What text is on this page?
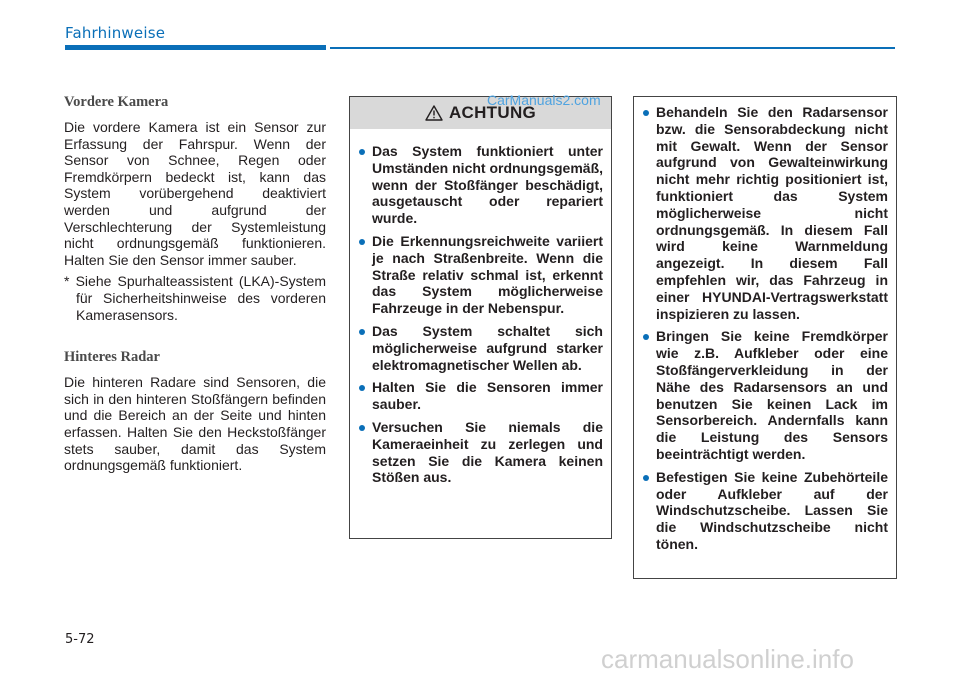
Fahrhinweise
Vordere Kamera

Die vordere Kamera ist ein Sensor zur Erfassung der Fahrspur. Wenn der Sensor von Schnee, Regen oder Fremdkörpern bedeckt ist, kann das System vorübergehend deaktiviert werden und aufgrund der Verschlechterung der Systemleistung nicht ordnungsgemäß funktionieren. Halten Sie den Sensor immer sauber.

* Siehe Spurhalteassistent (LKA)-System für Sicherheitshinweise des vorderen Kamerasensors.

Hinteres Radar

Die hinteren Radare sind Sensoren, die sich in den hinteren Stoßfängern befinden und die Bereich an der Seite und hinten erfassen. Halten Sie den Heckstoßfänger stets sauber, damit das System ordnungsgemäß funktioniert.

ACHTUNG
Das System funktioniert unter Umständen nicht ordnungsgemäß, wenn der Stoßfänger beschädigt, ausgetauscht oder repariert wurde.
Die Erkennungsreichweite variiert je nach Straßenbreite. Wenn die Straße relativ schmal ist, erkennt das System möglicherweise Fahrzeuge in der Nebenspur.
Das System schaltet sich möglicherweise aufgrund starker elektromagnetischer Wellen ab.
Halten Sie die Sensoren immer sauber.
Versuchen Sie niemals die Kameraeinheit zu zerlegen und setzen Sie die Kamera keinen Stößen aus.
Behandeln Sie den Radarsensor bzw. die Sensorabdeckung nicht mit Gewalt. Wenn der Sensor aufgrund von Gewalteinwirkung nicht mehr richtig positioniert ist, funktioniert das System möglicherweise nicht ordnungsgemäß. In diesem Fall wird keine Warnmeldung angezeigt. In diesem Fall empfehlen wir, das Fahrzeug in einer HYUNDAI-Vertragswerkstatt inspizieren zu lassen.
Bringen Sie keine Fremdkörper wie z.B. Aufkleber oder eine Stoßfängerverkleidung in der Nähe des Radarsensors an und benutzen Sie keinen Lack im Sensorbereich. Andernfalls kann die Leistung des Sensors beeinträchtigt werden.
Befestigen Sie keine Zubehörteile oder Aufkleber auf der Windschutzscheibe. Lassen Sie die Windschutzscheibe nicht tönen.
CarManuals2.com
5-72
carmanualsonline.info
